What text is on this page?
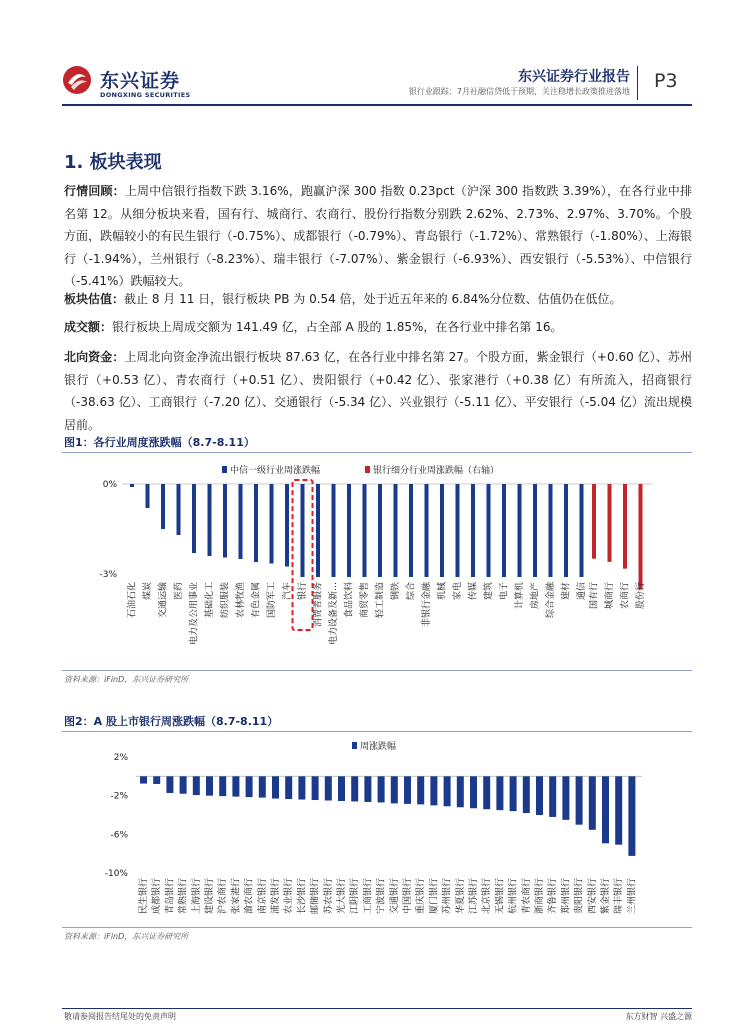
东兴证券
DONGXING SECURITIES
东兴证券行业报告
银行业跟踪：7月社融信贷低于预期，关注稳增长政策推进落地 P3
1. 板块表现
行情回顾：上周中信银行指数下跌 3.16%，跑赢沪深 300 指数 0.23pct（沪深 300 指数跌 3.39%），在各行业中排名第 12。从细分板块来看，国有行、城商行、农商行、股份行指数分别跌 2.62%、2.73%、2.97%、3.70%。个股方面，跌幅较小的有民生银行（-0.75%）、成都银行（-0.79%）、青岛银行（-1.72%）、常熟银行（-1.80%）、上海银行（-1.94%），兰州银行（-8.23%）、瑞丰银行（-7.07%）、紫金银行（-6.93%）、西安银行（-5.53%）、中信银行（-5.41%）跌幅较大。
板块估值：截止 8 月 11 日，银行板块 PB 为 0.54 倍，处于近五年来的 6.84%分位数、估值仍在低位。
成交额：银行板块上周成交额为 141.49 亿，占全部 A 股的 1.85%，在各行业中排名第 16。
北向资金：上周北向资金净流出银行板块 87.63 亿，在各行业中排名第 27。个股方面，紫金银行（+0.60 亿）、苏州银行（+0.53 亿）、青农商行（+0.51 亿）、贵阳银行（+0.42 亿）、张家港行（+0.38 亿）有所流入，招商银行（-38.63 亿）、工商银行（-7.20 亿）、交通银行（-5.34 亿）、兴业银行（-5.11 亿）、平安银行（-5.04 亿）流出规模居前。
图1：各行业周度涨跌幅（8.7-8.11）
0%
-3%
中信一级行业周涨跌幅	银行细分行业周涨跌幅（右轴）
石油石化 煤炭 交通运输 医药 电力及公用事业 基础化工 纺织服装 农林牧渔 有色金属 国防军工 汽车 银行 消费者服务 电力设备及新… 食品饮料 商贸零售 轻工制造 钢铁 综合 非银行金融 机械 家电 传媒 建筑 电子 计算机 房地产 综合金融 建材 通信 国有行 城商行 农商行 股份行
资料来源：iFinD，东兴证券研究所
图2：A 股上市银行周涨跌幅（8.7-8.11）
2%
-2%
-6%
-10%
周涨跌幅
民生银行 成都银行 青岛银行 常熟银行 上海银行 建设银行 沪农商行 张家港行 渝农商行 南京银行 浦发银行 农业银行 长沙银行 邮储银行 苏农银行 光大银行 江阴银行 工商银行 宁波银行 交通银行 中国银行 重庆银行 厦门银行 苏州银行 华夏银行 江苏银行 北京银行 无锡银行 杭州银行 青农商行 浙商银行 齐鲁银行 郑州银行 贵阳银行 西安银行 紫金银行 瑞丰银行 兰州银行
资料来源：iFinD，东兴证券研究所
敬请参阅报告结尾处的免责声明	东方财智 兴盛之源
